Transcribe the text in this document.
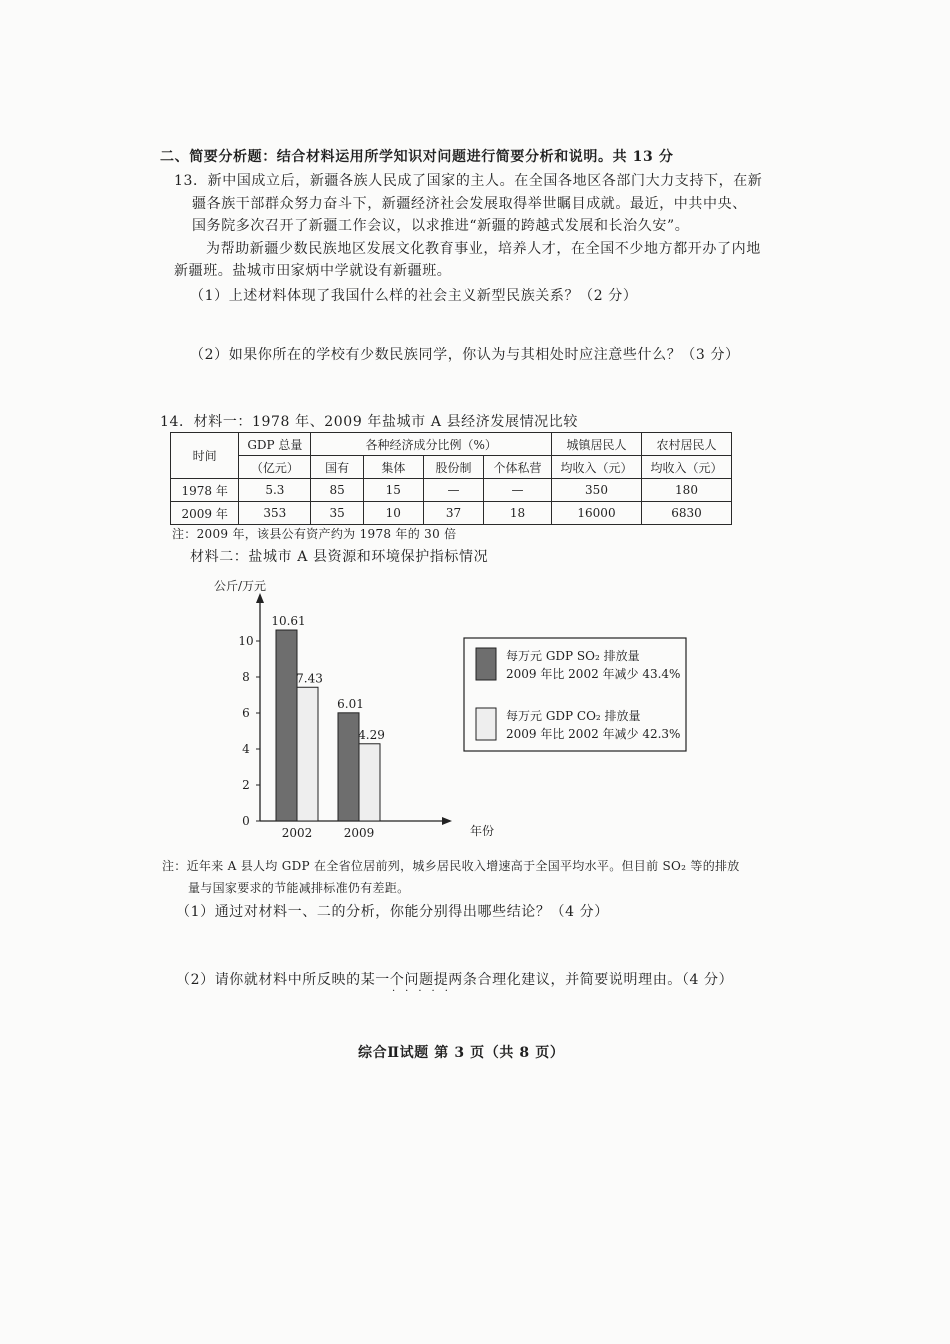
二、简要分析题：结合材料运用所学知识对问题进行简要分析和说明。共 13 分
13．新中国成立后，新疆各族人民成了国家的主人。在全国各地区各部门大力支持下，在新
疆各族干部群众努力奋斗下，新疆经济社会发展取得举世瞩目成就。最近，中共中央、
国务院多次召开了新疆工作会议，以求推进“新疆的跨越式发展和长治久安”。
为帮助新疆少数民族地区发展文化教育事业，培养人才，在全国不少地方都开办了内地
新疆班。盐城市田家炳中学就设有新疆班。
（1）上述材料体现了我国什么样的社会主义新型民族关系？（2 分）
（2）如果你所在的学校有少数民族同学，你认为与其相处时应注意些什么？（3 分）
14．材料一：1978 年、2009 年盐城市 A 县经济发展情况比较
时间	GDP 总量	各种经济成分比例（%）				城镇居民人	农村居民人
	（亿元）	国有	集体	股份制	个体私营	均收入（元）	均收入（元）
1978 年	5.3	85	15	—	—	350	180
2009 年	353	35	10	37	18	16000	6830
注：2009 年，该县公有资产约为 1978 年的 30 倍
材料二：盐城市 A 县资源和环境保护指标情况
公斤/万元
年份
0
2
4
6
8
10
10.61
7.43
2002
6.01
4.29
2009
每万元 GDP SO₂ 排放量
2009 年比 2002 年减少 43.4%
每万元 GDP CO₂ 排放量
2009 年比 2002 年减少 42.3%
注：近年来 A 县人均 GDP 在全省位居前列，城乡居民收入增速高于全国平均水平。但目前 SO₂ 等的排放
量与国家要求的节能减排标准仍有差距。
（1）通过对材料一、二的分析，你能分别得出哪些结论？（4 分）
（2）请你就材料中所反映的某一个问题提两条合理化建议，并简要说明理由。（4 分）
·····
综合Ⅱ试题 第 3 页（共 8 页）
